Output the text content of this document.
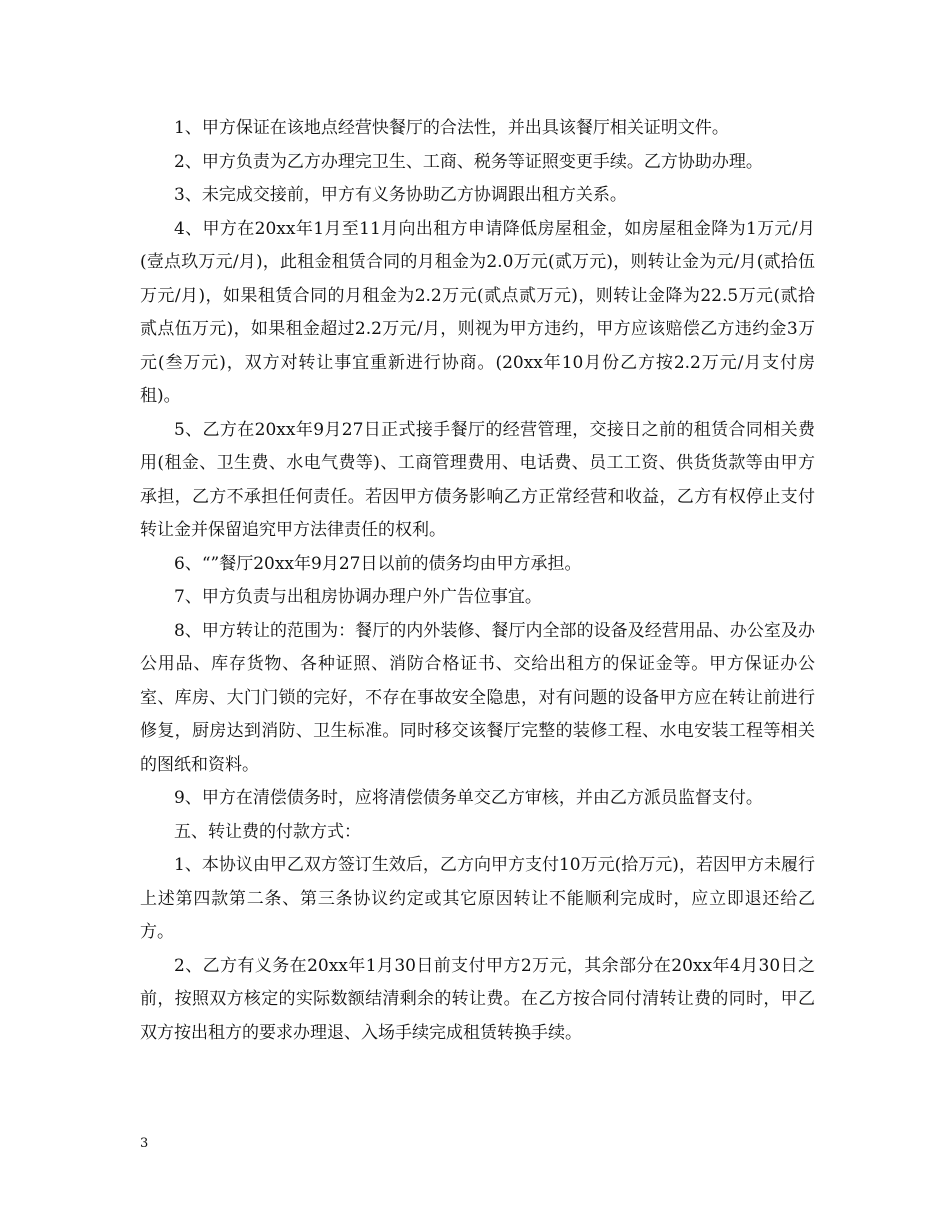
1、甲方保证在该地点经营快餐厅的合法性，并出具该餐厅相关证明文件。

2、甲方负责为乙方办理完卫生、工商、税务等证照变更手续。乙方协助办理。

3、未完成交接前，甲方有义务协助乙方协调跟出租方关系。

4、甲方在20xx年1月至11月向出租方申请降低房屋租金，如房屋租金降为1万元/月(壹点玖万元/月)，此租金租赁合同的月租金为2.0万元(贰万元)，则转让金为元/月(贰拾伍万元/月)，如果租赁合同的月租金为2.2万元(贰点贰万元)，则转让金降为22.5万元(贰拾贰点伍万元)，如果租金超过2.2万元/月，则视为甲方违约，甲方应该赔偿乙方违约金3万元(叁万元)，双方对转让事宜重新进行协商。(20xx年10月份乙方按2.2万元/月支付房租)。

5、乙方在20xx年9月27日正式接手餐厅的经营管理，交接日之前的租赁合同相关费用(租金、卫生费、水电气费等)、工商管理费用、电话费、员工工资、供货货款等由甲方承担，乙方不承担任何责任。若因甲方债务影响乙方正常经营和收益，乙方有权停止支付转让金并保留追究甲方法律责任的权利。

6、“”餐厅20xx年9月27日以前的债务均由甲方承担。

7、甲方负责与出租房协调办理户外广告位事宜。

8、甲方转让的范围为：餐厅的内外装修、餐厅内全部的设备及经营用品、办公室及办公用品、库存货物、各种证照、消防合格证书、交给出租方的保证金等。甲方保证办公室、库房、大门门锁的完好，不存在事故安全隐患，对有问题的设备甲方应在转让前进行修复，厨房达到消防、卫生标准。同时移交该餐厅完整的装修工程、水电安装工程等相关的图纸和资料。

9、甲方在清偿债务时，应将清偿债务单交乙方审核，并由乙方派员监督支付。

五、转让费的付款方式：

1、本协议由甲乙双方签订生效后，乙方向甲方支付10万元(拾万元)，若因甲方未履行上述第四款第二条、第三条协议约定或其它原因转让不能顺利完成时，应立即退还给乙方。

2、乙方有义务在20xx年1月30日前支付甲方2万元，其余部分在20xx年4月30日之前，按照双方核定的实际数额结清剩余的转让费。在乙方按合同付清转让费的同时，甲乙双方按出租方的要求办理退、入场手续完成租赁转换手续。

3
